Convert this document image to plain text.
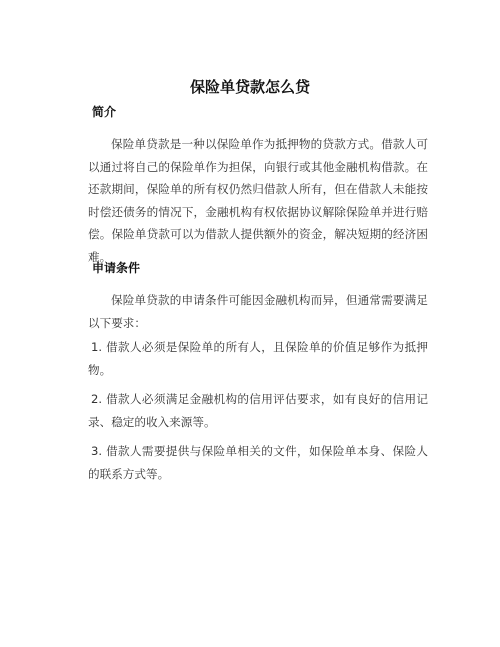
保险单贷款怎么贷
简介
保险单贷款是一种以保险单作为抵押物的贷款方式。借款人可以通过将自己的保险单作为担保，向银行或其他金融机构借款。在还款期间，保险单的所有权仍然归借款人所有，但在借款人未能按时偿还债务的情况下，金融机构有权依据协议解除保险单并进行赔偿。保险单贷款可以为借款人提供额外的资金，解决短期的经济困难。
申请条件
保险单贷款的申请条件可能因金融机构而异，但通常需要满足以下要求：
1. 借款人必须是保险单的所有人，且保险单的价值足够作为抵押物。
2. 借款人必须满足金融机构的信用评估要求，如有良好的信用记录、稳定的收入来源等。
3. 借款人需要提供与保险单相关的文件，如保险单本身、保险人的联系方式等。
